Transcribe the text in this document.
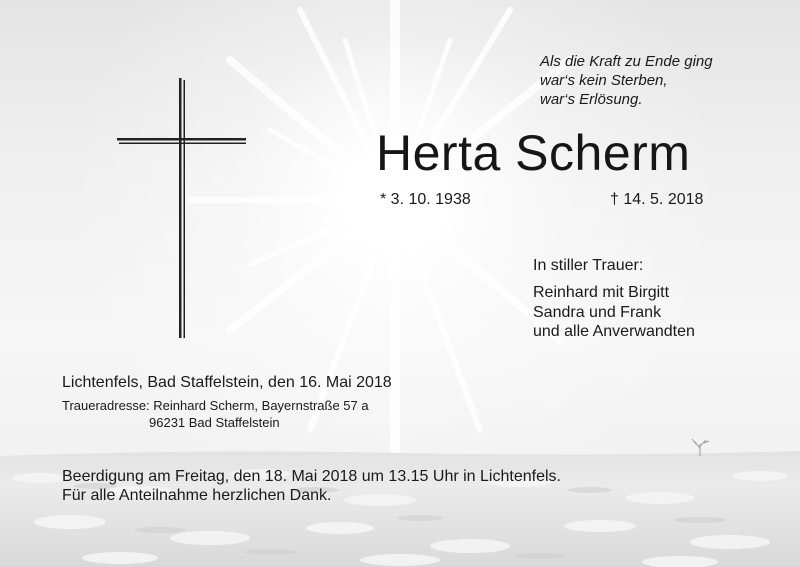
Als die Kraft zu Ende ging
war‘s kein Sterben,
war‘s Erlösung.
Herta Scherm
* 3. 10. 1938	† 14. 5. 2018
In stiller Trauer:
Reinhard mit Birgitt
Sandra und Frank
und alle Anverwandten
Lichtenfels, Bad Staffelstein, den 16. Mai 2018
Traueradresse: Reinhard Scherm, Bayernstraße 57 a
96231 Bad Staffelstein
Beerdigung am Freitag, den 18. Mai 2018 um 13.15 Uhr in Lichtenfels.
Für alle Anteilnahme herzlichen Dank.
